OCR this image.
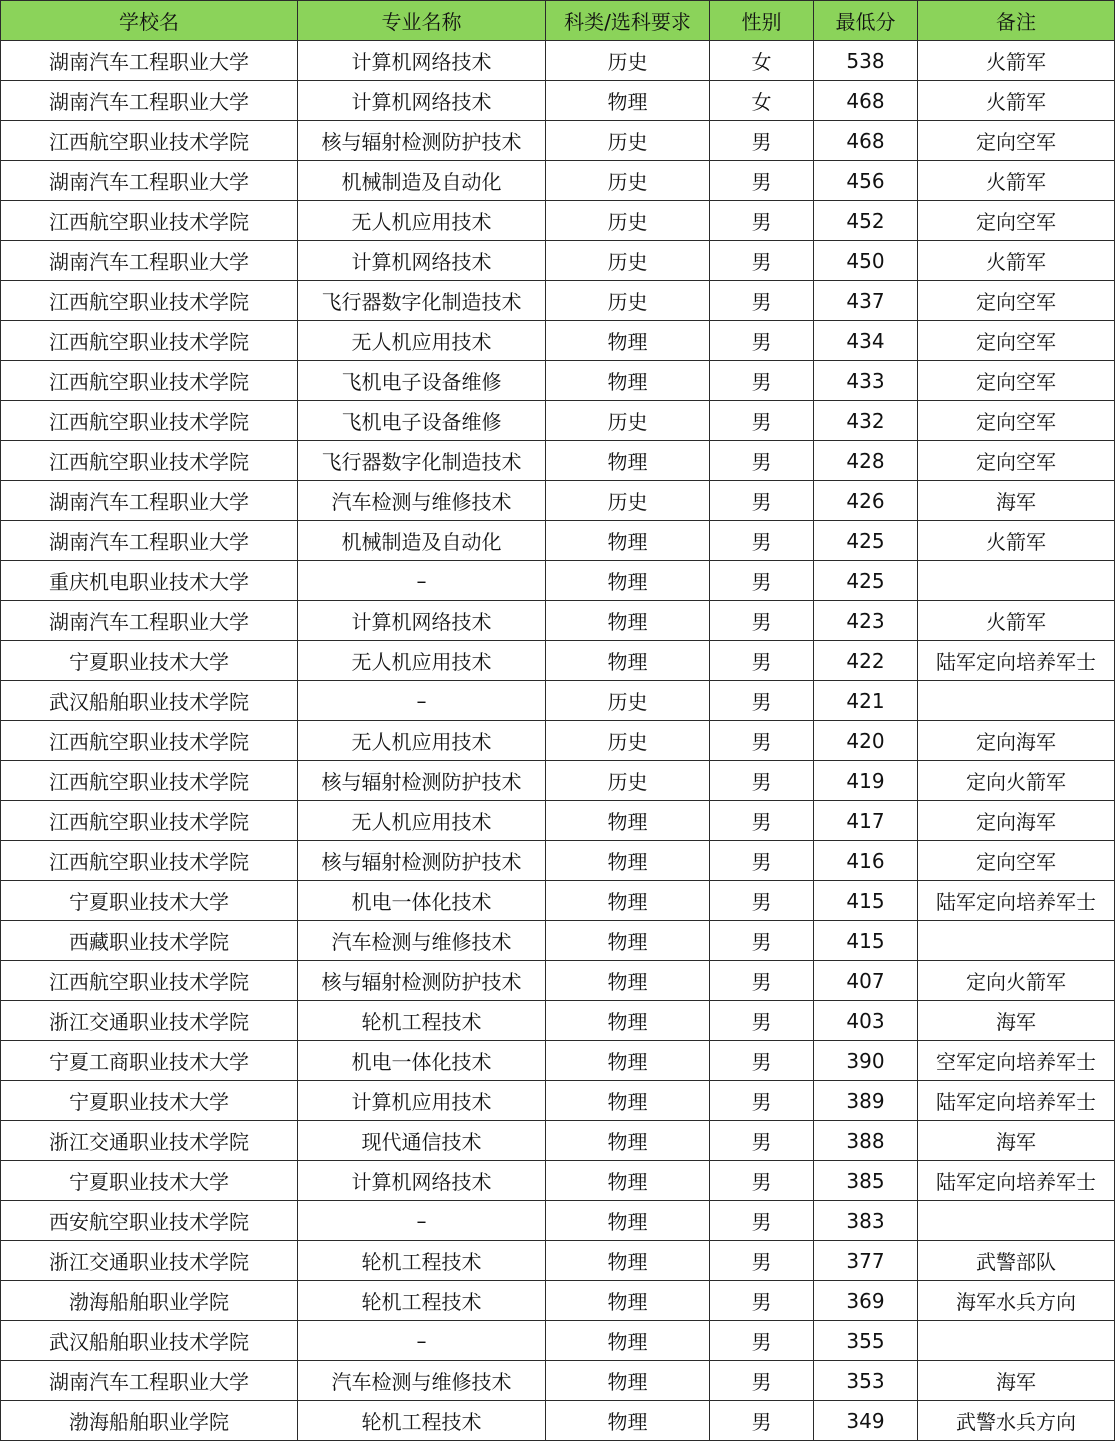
学校名	专业名称	科类/选科要求	性别	最低分	备注
湖南汽车工程职业大学	计算机网络技术	历史	女	538	火箭军
湖南汽车工程职业大学	计算机网络技术	物理	女	468	火箭军
江西航空职业技术学院	核与辐射检测防护技术	历史	男	468	定向空军
湖南汽车工程职业大学	机械制造及自动化	历史	男	456	火箭军
江西航空职业技术学院	无人机应用技术	历史	男	452	定向空军
湖南汽车工程职业大学	计算机网络技术	历史	男	450	火箭军
江西航空职业技术学院	飞行器数字化制造技术	历史	男	437	定向空军
江西航空职业技术学院	无人机应用技术	物理	男	434	定向空军
江西航空职业技术学院	飞机电子设备维修	物理	男	433	定向空军
江西航空职业技术学院	飞机电子设备维修	历史	男	432	定向空军
江西航空职业技术学院	飞行器数字化制造技术	物理	男	428	定向空军
湖南汽车工程职业大学	汽车检测与维修技术	历史	男	426	海军
湖南汽车工程职业大学	机械制造及自动化	物理	男	425	火箭军
重庆机电职业技术大学	–	物理	男	425	
湖南汽车工程职业大学	计算机网络技术	物理	男	423	火箭军
宁夏职业技术大学	无人机应用技术	物理	男	422	陆军定向培养军士
武汉船舶职业技术学院	–	历史	男	421	
江西航空职业技术学院	无人机应用技术	历史	男	420	定向海军
江西航空职业技术学院	核与辐射检测防护技术	历史	男	419	定向火箭军
江西航空职业技术学院	无人机应用技术	物理	男	417	定向海军
江西航空职业技术学院	核与辐射检测防护技术	物理	男	416	定向空军
宁夏职业技术大学	机电一体化技术	物理	男	415	陆军定向培养军士
西藏职业技术学院	汽车检测与维修技术	物理	男	415	
江西航空职业技术学院	核与辐射检测防护技术	物理	男	407	定向火箭军
浙江交通职业技术学院	轮机工程技术	物理	男	403	海军
宁夏工商职业技术大学	机电一体化技术	物理	男	390	空军定向培养军士
宁夏职业技术大学	计算机应用技术	物理	男	389	陆军定向培养军士
浙江交通职业技术学院	现代通信技术	物理	男	388	海军
宁夏职业技术大学	计算机网络技术	物理	男	385	陆军定向培养军士
西安航空职业技术学院	–	物理	男	383	
浙江交通职业技术学院	轮机工程技术	物理	男	377	武警部队
渤海船舶职业学院	轮机工程技术	物理	男	369	海军水兵方向
武汉船舶职业技术学院	–	物理	男	355	
湖南汽车工程职业大学	汽车检测与维修技术	物理	男	353	海军
渤海船舶职业学院	轮机工程技术	物理	男	349	武警水兵方向
